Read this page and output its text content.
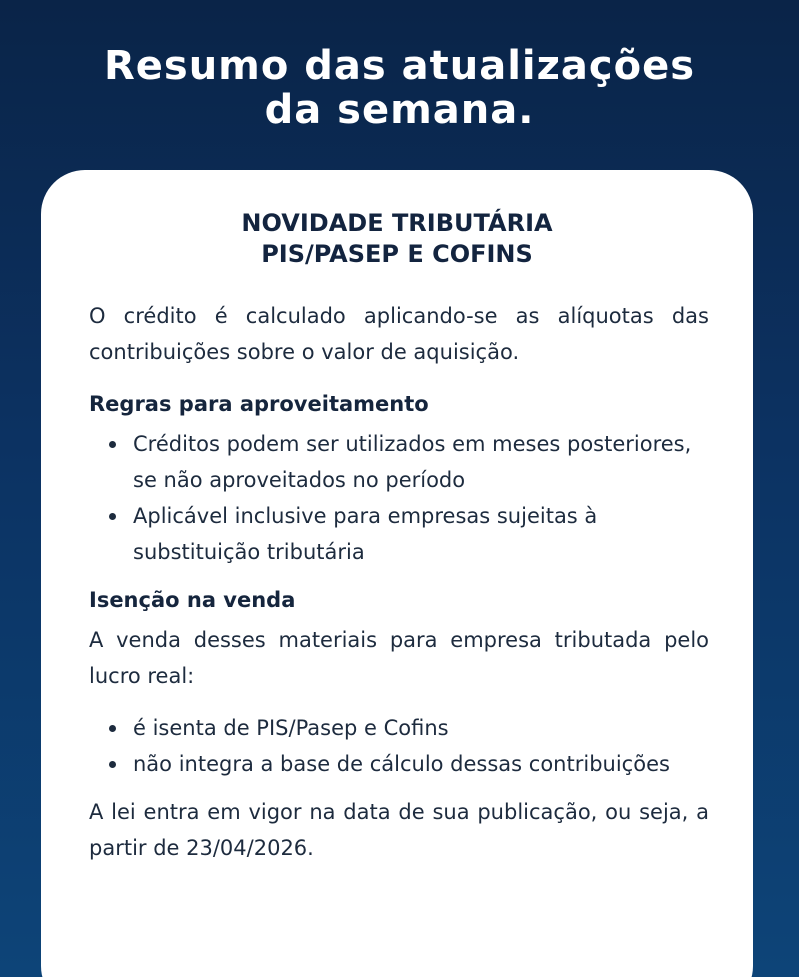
Resumo das atualizações
da semana.
NOVIDADE TRIBUTÁRIA
PIS/PASEP E COFINS

O crédito é calculado aplicando-se as alíquotas das contribuições sobre o valor de aquisição.

Regras para aproveitamento
Créditos podem ser utilizados em meses posteriores, se não aproveitados no período
Aplicável inclusive para empresas sujeitas à substituição tributária
Isenção na venda

A venda desses materiais para empresa tributada pelo lucro real:

é isenta de PIS/Pasep e Cofins
não integra a base de cálculo dessas contribuições

A lei entra em vigor na data de sua publicação, ou seja, a partir de 23/04/2026.
